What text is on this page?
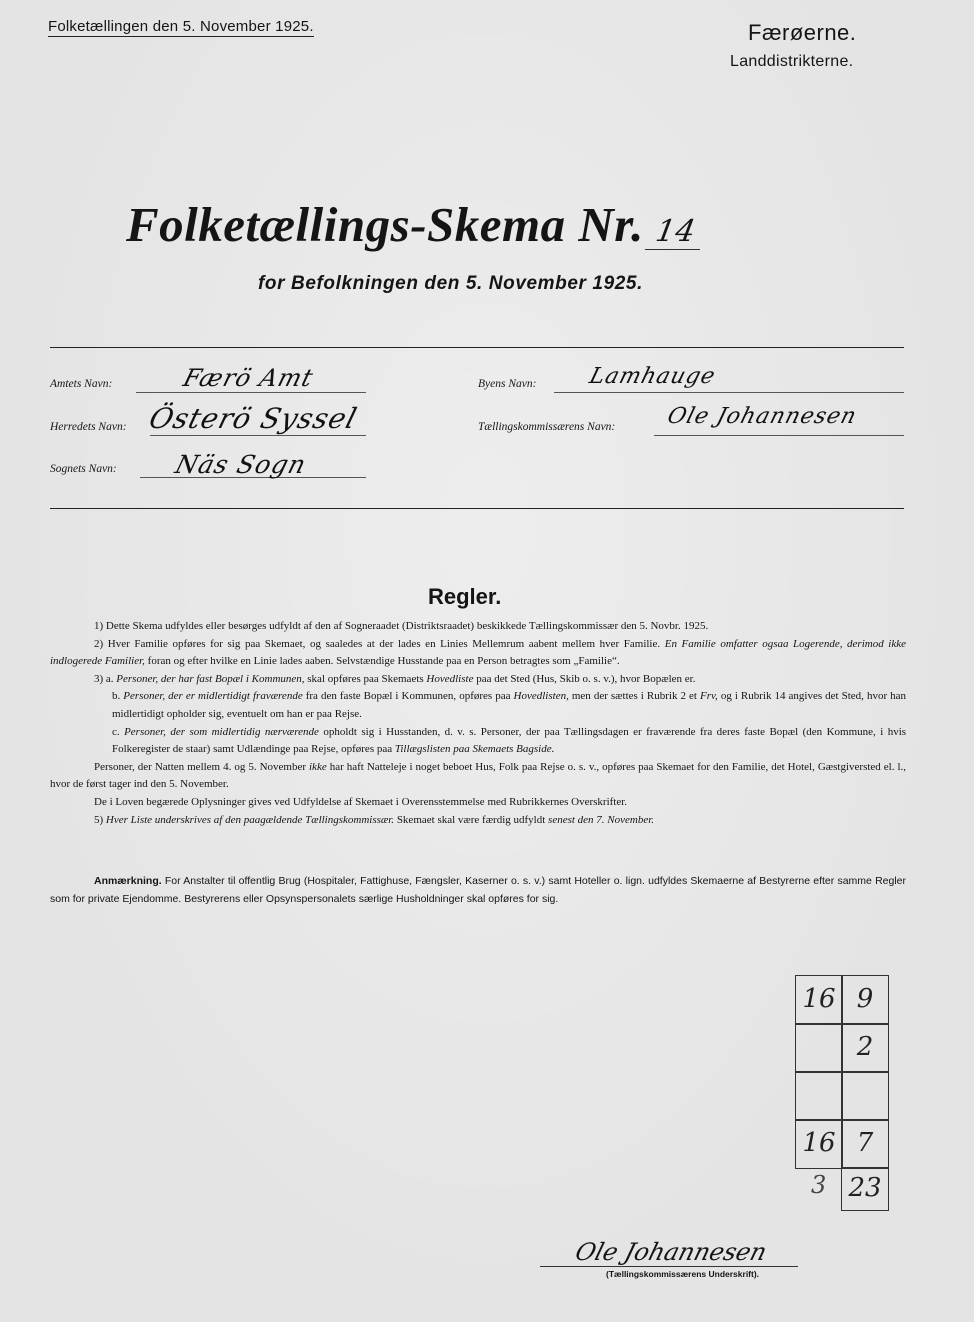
Folketællingen den 5. November 1925.	Færøerne.
Landdistrikterne.
Folketællings-Skema Nr. 14
for Befolkningen den 5. November 1925.
Amtets Navn:	Færö Amt
Herredets Navn: Österö Syssel
Sognets Navn: Näs Sogn
Byens Navn: Lamhauge
Tællingskommissærens Navn: Ole Johannesen
Regler.

1) Dette Skema udfyldes eller besørges udfyldt af den af Sogneraadet (Distriktsraadet) beskikkede Tællingskommissær den 5. Novbr. 1925.

2) Hver Familie opføres for sig paa Skemaet, og saaledes at der lades en Linies Mellemrum aabent mellem hver Familie. En Familie omfatter ogsaa Logerende, derimod ikke indlogerede Familier, foran og efter hvilke en Linie lades aaben. Selvstændige Husstande paa en Person betragtes som „Familie“.

3) a. Personer, der har fast Bopæl i Kommunen, skal opføres paa Skemaets Hovedliste paa det Sted (Hus, Skib o. s. v.), hvor Bopælen er.

b. Personer, der er midlertidigt fraværende fra den faste Bopæl i Kommunen, opføres paa Hovedlisten, men der sættes i Rubrik 2 et Frv, og i Rubrik 14 angives det Sted, hvor han midlertidigt opholder sig, eventuelt om han er paa Rejse.

c. Personer, der som midlertidig nærværende opholdt sig i Husstanden, d. v. s. Personer, der paa Tællingsdagen er fraværende fra deres faste Bopæl (den Kommune, i hvis Folkeregister de staar) samt Udlændinge paa Rejse, opføres paa Tillægslisten paa Skemaets Bagside.

Personer, der Natten mellem 4. og 5. November ikke har haft Natteleje i noget beboet Hus, Folk paa Rejse o. s. v., opføres paa Skemaet for den Familie, det Hotel, Gæstgiversted el. l., hvor de først tager ind den 5. November.

De i Loven begærede Oplysninger gives ved Udfyldelse af Skemaet i Overensstemmelse med Rubrikkernes Overskrifter.

5) Hver Liste underskrives af den paagældende Tællingskommissær. Skemaet skal være færdig udfyldt senest den 7. November.

Anmærkning. For Anstalter til offentlig Brug (Hospitaler, Fattighuse, Fængsler, Kaserner o. s. v.) samt Hoteller o. lign. udfyldes Skemaerne af Bestyrerne efter samme Regler som for private Ejendomme. Bestyrerens eller Opsynspersonalets særlige Husholdninger skal opføres for sig.
16 9
2
16 7
23
3
Ole Johannesen
(Tællingskommissærens Underskrift).
